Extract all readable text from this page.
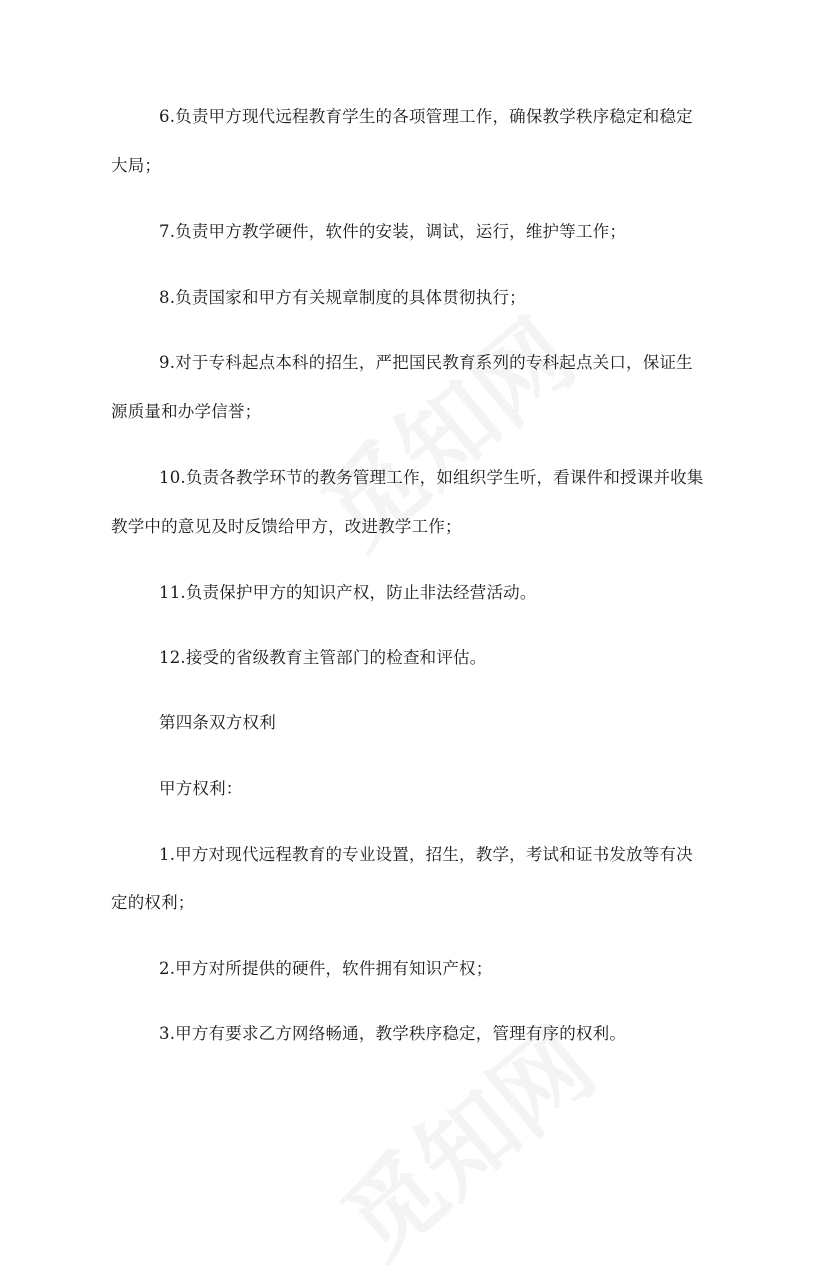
6.负责甲方现代远程教育学生的各项管理工作，确保教学秩序稳定和稳定
大局；
7.负责甲方教学硬件，软件的安装，调试，运行，维护等工作；
8.负责国家和甲方有关规章制度的具体贯彻执行；
9.对于专科起点本科的招生，严把国民教育系列的专科起点关口，保证生
源质量和办学信誉；
10.负责各教学环节的教务管理工作，如组织学生听，看课件和授课并收集
教学中的意见及时反馈给甲方，改进教学工作；
11.负责保护甲方的知识产权，防止非法经营活动。
12.接受的省级教育主管部门的检查和评估。
第四条双方权利
甲方权利：
1.甲方对现代远程教育的专业设置，招生，教学，考试和证书发放等有决
定的权利；
2.甲方对所提供的硬件，软件拥有知识产权；
3.甲方有要求乙方网络畅通，教学秩序稳定，管理有序的权利。
